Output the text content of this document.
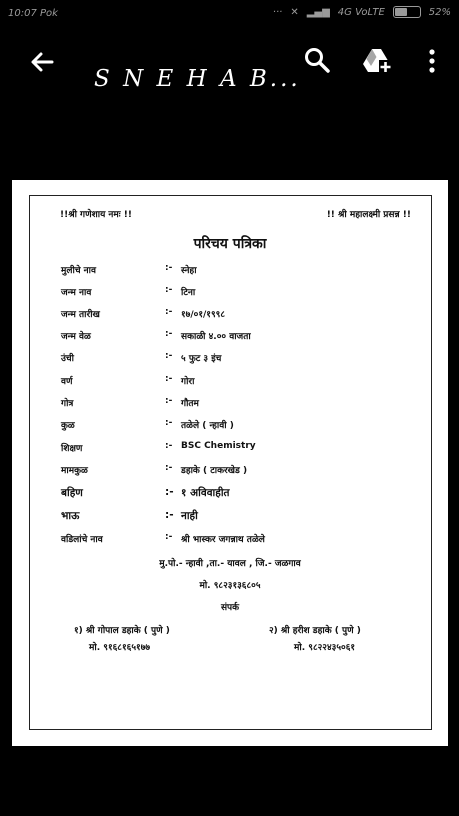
10:07 Pok	··· ✕ ▂▄▆ 4G VoLTE	52%
S N E H A B...
!!श्री गणेशाय नमः !!	!! श्री महालक्ष्मी प्रसन्न !!
परिचय पत्रिका
मुलीचे नाव	:- स्नेहा
जन्म नाव	:- टिना
जन्म तारीख	:- १७/०१/१९९८
जन्म वेळ	:- सकाळी ४.०० वाजता
उंची	:- ५ फुट ३ इंच
वर्ण	:- गोरा
गोत्र	:- गौतम
कुळ	:- तळेले ( न्हावी )
शिक्षण	:- BSC Chemistry
मामकुळ	:- डहाके ( टाकरखेड )
बहिण	:- १ अविवाहीत
भाऊ	:- नाही
वडिलांचे नाव	:- श्री भास्कर जगन्नाथ तळेले
मु.पो.- न्हावी ,ता.- यावल , जि.- जळगाव
मो. ९८२३१३६८०५
संपर्क
१) श्री गोपाल डहाके ( पुणे )
मो. ९१६८१६५१७७
२) श्री हरीश डहाके ( पुणे )
मो. ९८२२४३५०६१
